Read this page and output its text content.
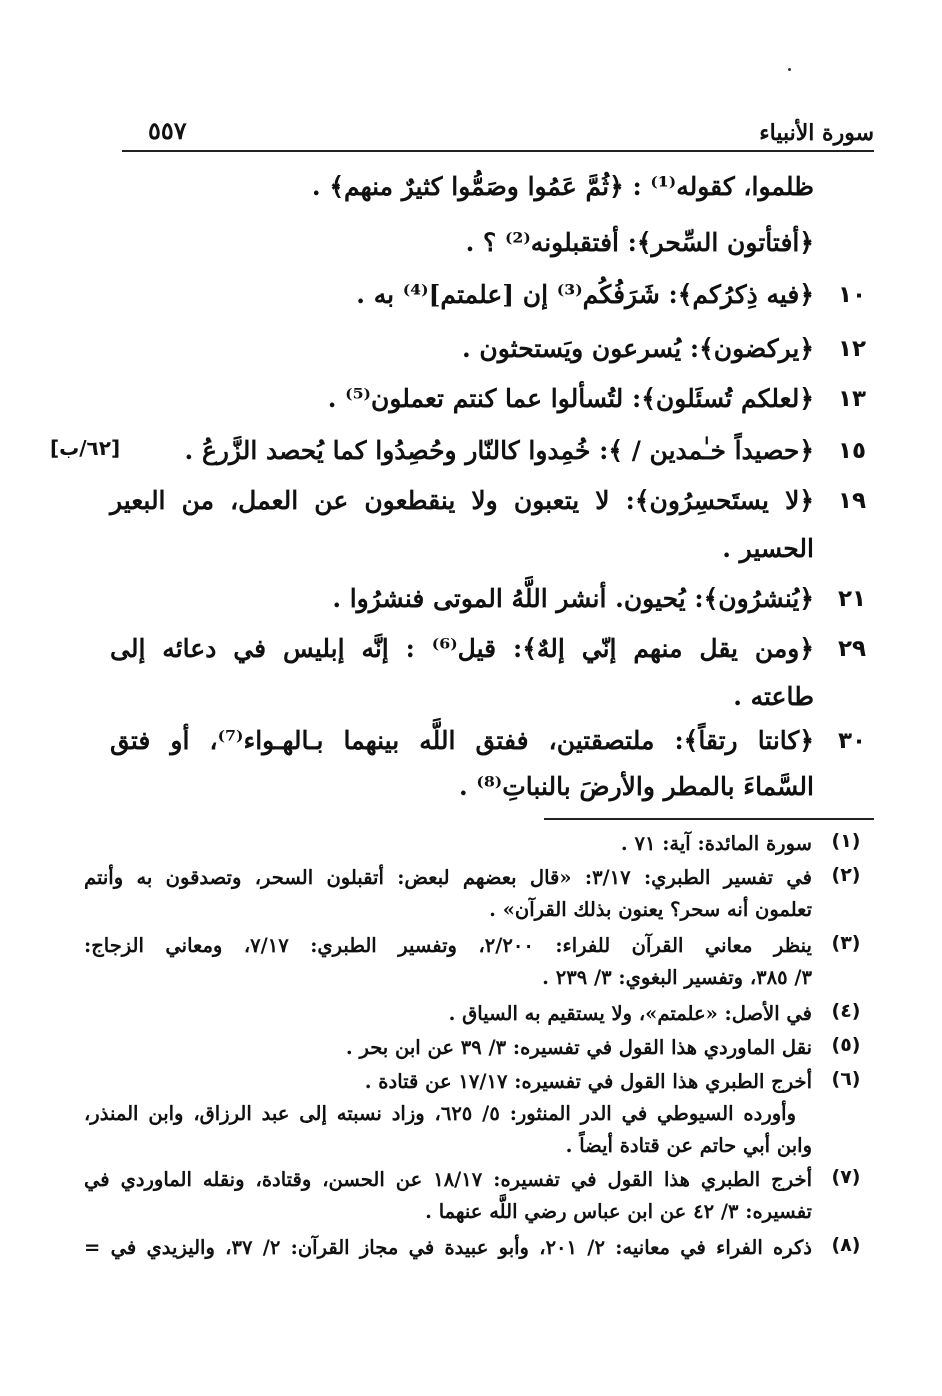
سورة الأنبياء
٥٥٧
ظلموا، كقوله⁽¹⁾ : ﴿ثُمَّ عَمُوا وصَمُّوا كثيرٌ منهم﴾ .
﴿أفتأتون السِّحر﴾: أفتقبلونه⁽²⁾ ؟ .
١٠
﴿فيه ذِكرُكم﴾: شَرَفُكُم⁽³⁾ إن [علمتم]⁽⁴⁾ به .
١٢
﴿يركضون﴾: يُسرعون ويَستحثون .
١٣
﴿لعلكم تُسئَلون﴾: لتُسألوا عما كنتم تعملون⁽⁵⁾ .
١٥
﴿حصيداً خـٰمدين / ﴾: خُمِدوا كالنّار وحُصِدُوا كما يُحصد الزَّرعُ .
[٦٢/ب]
١٩
﴿لا يستَحسِرُون﴾: لا يتعبون ولا ينقطعون عن العمل، من البعير
الحسير .
٢١
﴿يُنشرُون﴾: يُحيون. أنشر اللَّهُ الموتى فنشرُوا .
٢٩
﴿ومن يقل منهم إنّي إلهٌ﴾: قيل⁽⁶⁾ : إنَّه إبليس في دعائه إلى
طاعته .
٣٠
﴿كانتا رتقاً﴾: ملتصقتين، ففتق اللَّه بينهما بـالهـواء⁽⁷⁾، أو فتق
السَّماءَ بالمطر والأرضَ بالنباتِ⁽⁸⁾ .
(١)
سورة المائدة: آية: ٧١ .
(٢)
في تفسير الطبري: ٣/١٧: «قال بعضهم لبعض: أتقبلون السحر، وتصدقون به وأنتم
تعلمون أنه سحر؟ يعنون بذلك القرآن» .
(٣)
ينظر معاني القرآن للفراء: ٢/٢٠٠، وتفسير الطبري: ٧/١٧، ومعاني الزجاج:
٣/ ٣٨٥، وتفسير البغوي: ٣/ ٢٣٩ .
(٤)
في الأصل: «علمتم»، ولا يستقيم به السياق .
(٥)
نقل الماوردي هذا القول في تفسيره: ٣/ ٣٩ عن ابن بحر .
(٦)
أخرج الطبري هذا القول في تفسيره: ١٧/١٧ عن قتادة .
وأورده السيوطي في الدر المنثور: ٥/ ٦٢٥، وزاد نسبته إلى عبد الرزاق، وابن المنذر،
وابن أبي حاتم عن قتادة أيضاً .
(٧)
أخرج الطبري هذا القول في تفسيره: ١٨/١٧ عن الحسن، وقتادة، ونقله الماوردي في
تفسيره: ٣/ ٤٢ عن ابن عباس رضي اللَّه عنهما .
(٨)
ذكره الفراء في معانيه: ٢/ ٢٠١، وأبو عبيدة في مجاز القرآن: ٢/ ٣٧، واليزيدي في =
